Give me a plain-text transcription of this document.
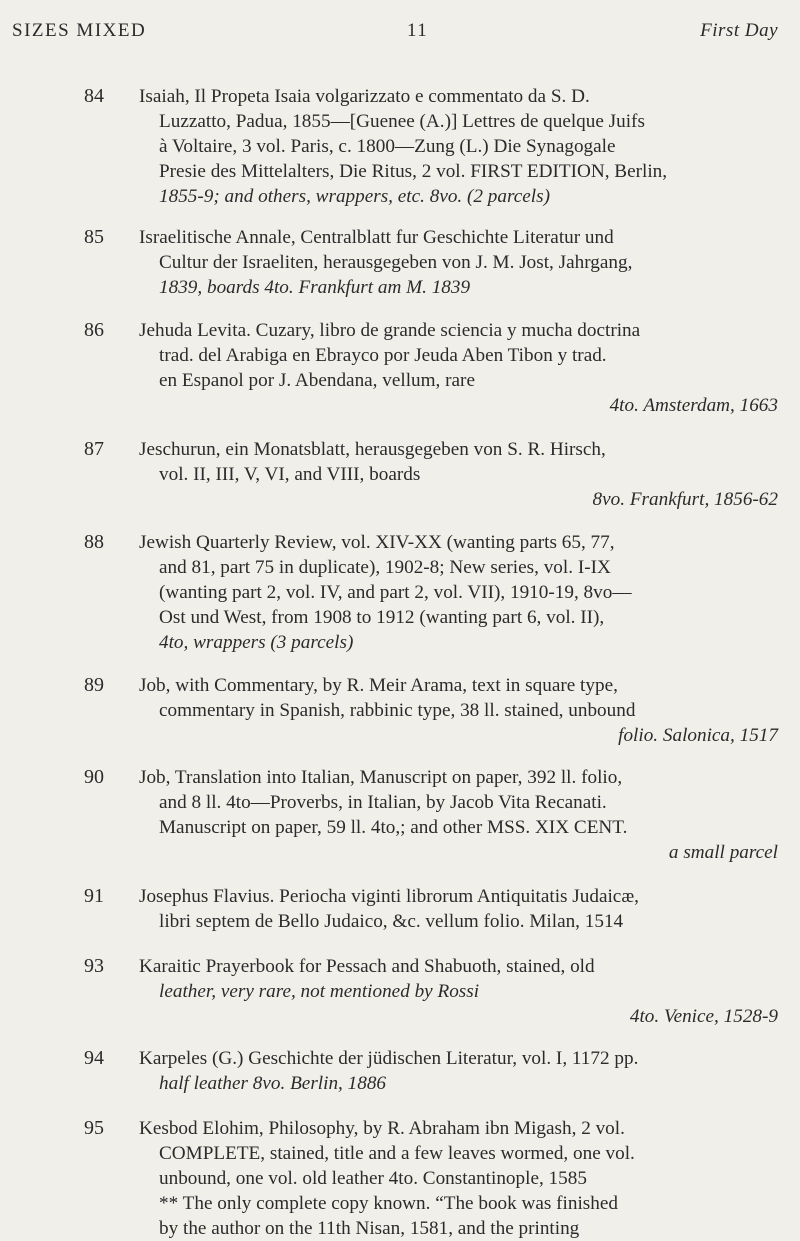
SIZES MIXED	11	First Day
84 Isaiah, Il Propeta Isaia volgarizzato e commentato da S. D.
Luzzatto, Padua, 1855—[Guenee (A.)] Lettres de quelque Juifs
à Voltaire, 3 vol. Paris, c. 1800—Zung (L.) Die Synagogale
Presie des Mittelalters, Die Ritus, 2 vol. FIRST EDITION, Berlin,
1855-9; and others, wrappers, etc. 8vo. (2 parcels)
85 Israelitische Annale, Centralblatt fur Geschichte Literatur und
Cultur der Israeliten, herausgegeben von J. M. Jost, Jahrgang,
1839, boards 4to. Frankfurt am M. 1839
86 Jehuda Levita. Cuzary, libro de grande sciencia y mucha doctrina
trad. del Arabiga en Ebrayco por Jeuda Aben Tibon y trad.
en Espanol por J. Abendana, vellum, rare
4to. Amsterdam, 1663
87 Jeschurun, ein Monatsblatt, herausgegeben von S. R. Hirsch,
vol. II, III, V, VI, and VIII, boards
8vo. Frankfurt, 1856-62
88 Jewish Quarterly Review, vol. XIV-XX (wanting parts 65, 77,
and 81, part 75 in duplicate), 1902-8; New series, vol. I-IX
(wanting part 2, vol. IV, and part 2, vol. VII), 1910-19, 8vo—
Ost und West, from 1908 to 1912 (wanting part 6, vol. II),
4to, wrappers (3 parcels)
89 Job, with Commentary, by R. Meir Arama, text in square type,
commentary in Spanish, rabbinic type, 38 ll. stained, unbound
folio. Salonica, 1517
90 Job, Translation into Italian, Manuscript on paper, 392 ll. folio,
and 8 ll. 4to—Proverbs, in Italian, by Jacob Vita Recanati.
Manuscript on paper, 59 ll. 4to,; and other MSS. XIX CENT.
a small parcel
91 Josephus Flavius. Periocha viginti librorum Antiquitatis Judaicæ,
libri septem de Bello Judaico, &c. vellum folio. Milan, 1514
93 Karaitic Prayerbook for Pessach and Shabuoth, stained, old
leather, very rare, not mentioned by Rossi
4to. Venice, 1528-9
94 Karpeles (G.) Geschichte der jüdischen Literatur, vol. I, 1172 pp.
half leather 8vo. Berlin, 1886
95 Kesbod Elohim, Philosophy, by R. Abraham ibn Migash, 2 vol.
COMPLETE, stained, title and a few leaves wormed, one vol.
unbound, one vol. old leather 4to. Constantinople, 1585
** The only complete copy known. “The book was finished
by the author on the 11th Nisan, 1581, and the printing
